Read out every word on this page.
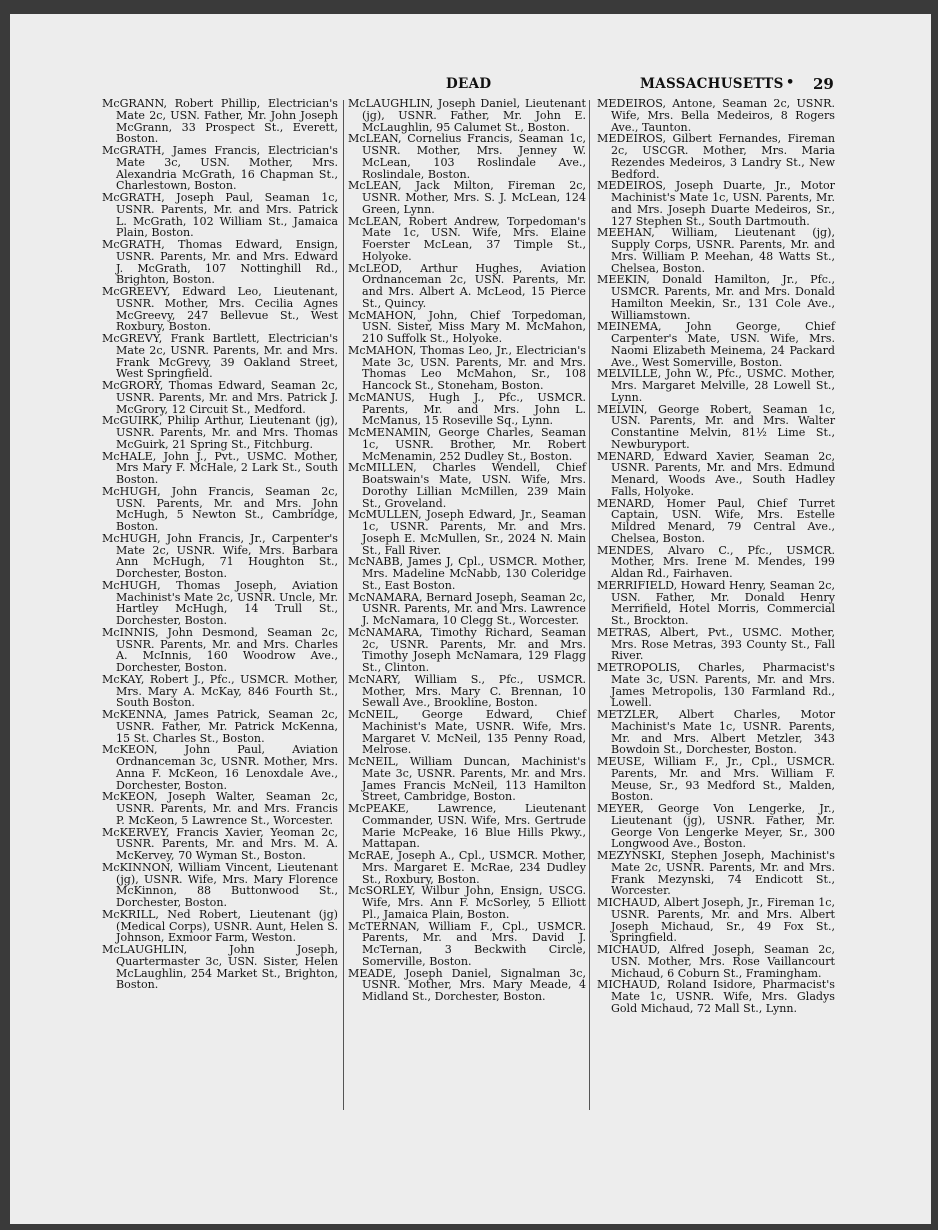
DEAD	MASSACHUSETTS • 29
McGRANN, Robert Phillip, Electrician's Mate 2c, USN. Father, Mr. John Joseph McGrann, 33 Prospect St., Everett, Boston.
McGRATH, James Francis, Electrician's Mate 3c, USN. Mother, Mrs. Alexandria McGrath, 16 Chapman St., Charlestown, Boston.
McGRATH, Joseph Paul, Seaman 1c, USNR. Parents, Mr. and Mrs. Patrick L. McGrath, 102 William St., Jamaica Plain, Boston.
McGRATH, Thomas Edward, Ensign, USNR. Parents, Mr. and Mrs. Edward J. McGrath, 107 Nottinghill Rd., Brighton, Boston.
McGREEVY, Edward Leo, Lieutenant, USNR. Mother, Mrs. Cecilia Agnes McGreevy, 247 Bellevue St., West Roxbury, Boston.
McGREVY, Frank Bartlett, Electrician's Mate 2c, USNR. Parents, Mr. and Mrs. Frank McGrevy, 39 Oakland Street, West Springfield.
McGRORY, Thomas Edward, Seaman 2c, USNR. Parents, Mr. and Mrs. Patrick J. McGrory, 12 Circuit St., Medford.
McGUIRK, Philip Arthur, Lieutenant (jg), USNR. Parents, Mr. and Mrs. Thomas McGuirk, 21 Spring St., Fitchburg.
McHALE, John J., Pvt., USMC. Mother, Mrs Mary F. McHale, 2 Lark St., South Boston.
McHUGH, John Francis, Seaman 2c, USN. Parents, Mr. and Mrs. John McHugh, 5 Newton St., Cambridge, Boston.
McHUGH, John Francis, Jr., Carpenter's Mate 2c, USNR. Wife, Mrs. Barbara Ann McHugh, 71 Houghton St., Dorchester, Boston.
McHUGH, Thomas Joseph, Aviation Machinist's Mate 2c, USNR. Uncle, Mr. Hartley McHugh, 14 Trull St., Dorchester, Boston.
McINNIS, John Desmond, Seaman 2c, USNR. Parents, Mr. and Mrs. Charles A. McInnis, 160 Woodrow Ave., Dorchester, Boston.
McKAY, Robert J., Pfc., USMCR. Mother, Mrs. Mary A. McKay, 846 Fourth St., South Boston.
McKENNA, James Patrick, Seaman 2c, USNR. Father, Mr. Patrick McKenna, 15 St. Charles St., Boston.
McKEON, John Paul, Aviation Ordnanceman 3c, USNR. Mother, Mrs. Anna F. McKeon, 16 Lenoxdale Ave., Dorchester, Boston.
McKEON, Joseph Walter, Seaman 2c, USNR. Parents, Mr. and Mrs. Francis P. McKeon, 5 Lawrence St., Worcester.
McKERVEY, Francis Xavier, Yeoman 2c, USNR. Parents, Mr. and Mrs. M. A. McKervey, 70 Wyman St., Boston.
McKINNON, William Vincent, Lieutenant (jg), USNR. Wife, Mrs. Mary Florence McKinnon, 88 Buttonwood St., Dorchester, Boston.
McKRILL, Ned Robert, Lieutenant (jg) (Medical Corps), USNR. Aunt, Helen S. Johnson, Exmoor Farm, Weston.
McLAUGHLIN, John Joseph, Quartermaster 3c, USN. Sister, Helen McLaughlin, 254 Market St., Brighton, Boston.
McLAUGHLIN, Joseph Daniel, Lieutenant (jg), USNR. Father, Mr. John E. McLaughlin, 95 Calumet St., Boston.
McLEAN, Cornelius Francis, Seaman 1c, USNR. Mother, Mrs. Jenney W. McLean, 103 Roslindale Ave., Roslindale, Boston.
McLEAN, Jack Milton, Fireman 2c, USNR. Mother, Mrs. S. J. McLean, 124 Green, Lynn.
McLEAN, Robert Andrew, Torpedoman's Mate 1c, USN. Wife, Mrs. Elaine Foerster McLean, 37 Timple St., Holyoke.
McLEOD, Arthur Hughes, Aviation Ordnanceman 2c, USN. Parents, Mr. and Mrs. Albert A. McLeod, 15 Pierce St., Quincy.
McMAHON, John, Chief Torpedoman, USN. Sister, Miss Mary M. McMahon, 210 Suffolk St., Holyoke.
McMAHON, Thomas Leo, Jr., Electrician's Mate 3c, USN. Parents, Mr. and Mrs. Thomas Leo McMahon, Sr., 108 Hancock St., Stoneham, Boston.
McMANUS, Hugh J., Pfc., USMCR. Parents, Mr. and Mrs. John L. McManus, 15 Roseville Sq., Lynn.
McMENAMIN, George Charles, Seaman 1c, USNR. Brother, Mr. Robert McMenamin, 252 Dudley St., Boston.
McMILLEN, Charles Wendell, Chief Boatswain's Mate, USN. Wife, Mrs. Dorothy Lillian McMillen, 239 Main St., Groveland.
McMULLEN, Joseph Edward, Jr., Seaman 1c, USNR. Parents, Mr. and Mrs. Joseph E. McMullen, Sr., 2024 N. Main St., Fall River.
McNABB, James J, Cpl., USMCR. Mother, Mrs. Madeline McNabb, 130 Coleridge St., East Boston.
McNAMARA, Bernard Joseph, Seaman 2c, USNR. Parents, Mr. and Mrs. Lawrence J. McNamara, 10 Clegg St., Worcester.
McNAMARA, Timothy Richard, Seaman 2c, USNR. Parents, Mr. and Mrs. Timothy Joseph McNamara, 129 Flagg St., Clinton.
McNARY, William S., Pfc., USMCR. Mother, Mrs. Mary C. Brennan, 10 Sewall Ave., Brookline, Boston.
McNEIL, George Edward, Chief Machinist's Mate, USNR. Wife, Mrs. Margaret V. McNeil, 135 Penny Road, Melrose.
McNEIL, William Duncan, Machinist's Mate 3c, USNR. Parents, Mr. and Mrs. James Francis McNeil, 113 Hamilton Street, Cambridge, Boston.
McPEAKE, Lawrence, Lieutenant Commander, USN. Wife, Mrs. Gertrude Marie McPeake, 16 Blue Hills Pkwy., Mattapan.
McRAE, Joseph A., Cpl., USMCR. Mother, Mrs. Margaret E. McRae, 234 Dudley St., Roxbury, Boston.
McSORLEY, Wilbur John, Ensign, USCG. Wife, Mrs. Ann F. McSorley, 5 Elliott Pl., Jamaica Plain, Boston.
McTERNAN, William F., Cpl., USMCR. Parents, Mr. and Mrs. David J. McTernan, 3 Beckwith Circle, Somerville, Boston.
MEADE, Joseph Daniel, Signalman 3c, USNR. Mother, Mrs. Mary Meade, 4 Midland St., Dorchester, Boston.
MEDEIROS, Antone, Seaman 2c, USNR. Wife, Mrs. Bella Medeiros, 8 Rogers Ave., Taunton.
MEDEIROS, Gilbert Fernandes, Fireman 2c, USCGR. Mother, Mrs. Maria Rezendes Medeiros, 3 Landry St., New Bedford.
MEDEIROS, Joseph Duarte, Jr., Motor Machinist's Mate 1c, USN. Parents, Mr. and Mrs. Joseph Duarte Medeiros, Sr., 127 Stephen St., South Dartmouth.
MEEHAN, William, Lieutenant (jg), Supply Corps, USNR. Parents, Mr. and Mrs. William P. Meehan, 48 Watts St., Chelsea, Boston.
MEEKIN, Donald Hamilton, Jr., Pfc., USMCR. Parents, Mr. and Mrs. Donald Hamilton Meekin, Sr., 131 Cole Ave., Williamstown.
MEINEMA, John George, Chief Carpenter's Mate, USN. Wife, Mrs. Naomi Elizabeth Meinema, 24 Packard Ave., West Somerville, Boston.
MELVILLE, John W., Pfc., USMC. Mother, Mrs. Margaret Melville, 28 Lowell St., Lynn.
MELVIN, George Robert, Seaman 1c, USN. Parents, Mr. and Mrs. Walter Constantine Melvin, 81½ Lime St., Newburyport.
MENARD, Edward Xavier, Seaman 2c, USNR. Parents, Mr. and Mrs. Edmund Menard, Woods Ave., South Hadley Falls, Holyoke.
MENARD, Homer Paul, Chief Turret Captain, USN. Wife, Mrs. Estelle Mildred Menard, 79 Central Ave., Chelsea, Boston.
MENDES, Alvaro C., Pfc., USMCR. Mother, Mrs. Irene M. Mendes, 199 Aldan Rd., Fairhaven.
MERRIFIELD, Howard Henry, Seaman 2c, USN. Father, Mr. Donald Henry Merrifield, Hotel Morris, Commercial St., Brockton.
METRAS, Albert, Pvt., USMC. Mother, Mrs. Rose Metras, 393 County St., Fall River.
METROPOLIS, Charles, Pharmacist's Mate 3c, USN. Parents, Mr. and Mrs. James Metropolis, 130 Farmland Rd., Lowell.
METZLER, Albert Charles, Motor Machinist's Mate 1c, USNR. Parents, Mr. and Mrs. Albert Metzler, 343 Bowdoin St., Dorchester, Boston.
MEUSE, William F., Jr., Cpl., USMCR. Parents, Mr. and Mrs. William F. Meuse, Sr., 93 Medford St., Malden, Boston.
MEYER, George Von Lengerke, Jr., Lieutenant (jg), USNR. Father, Mr. George Von Lengerke Meyer, Sr., 300 Longwood Ave., Boston.
MEZYNSKI, Stephen Joseph, Machinist's Mate 2c, USNR. Parents, Mr. and Mrs. Frank Mezynski, 74 Endicott St., Worcester.
MICHAUD, Albert Joseph, Jr., Fireman 1c, USNR. Parents, Mr. and Mrs. Albert Joseph Michaud, Sr., 49 Fox St., Springfield.
MICHAUD, Alfred Joseph, Seaman 2c, USN. Mother, Mrs. Rose Vaillancourt Michaud, 6 Coburn St., Framingham.
MICHAUD, Roland Isidore, Pharmacist's Mate 1c, USNR. Wife, Mrs. Gladys Gold Michaud, 72 Mall St., Lynn.
